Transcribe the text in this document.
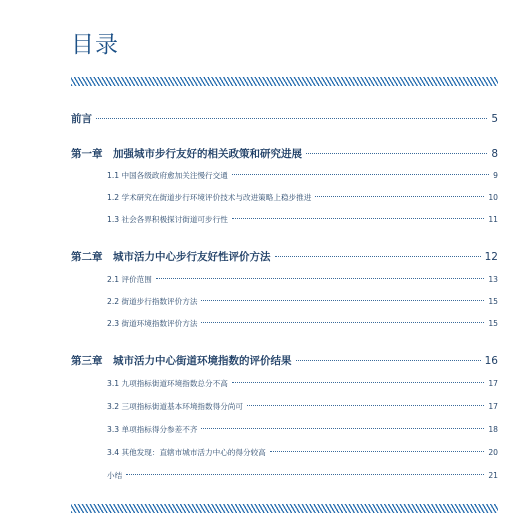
目录
前言	5
第一章　加强城市步行友好的相关政策和研究进展	8
1.1 中国各级政府愈加关注慢行交通	9
1.2 学术研究在街道步行环境评价技术与改进策略上稳步推进	10
1.3 社会各界积极探讨街道可步行性	11
第二章　城市活力中心步行友好性评价方法	12
2.1 评价范围	13
2.2 街道步行指数评价方法	15
2.3 街道环境指数评价方法	15
第三章　城市活力中心街道环境指数的评价结果	16
3.1 九项指标街道环境指数总分不高	17
3.2 三项指标街道基本环境指数得分尚可	17
3.3 单项指标得分参差不齐	18
3.4 其他发现：直辖市城市活力中心的得分较高	20
小结	21
